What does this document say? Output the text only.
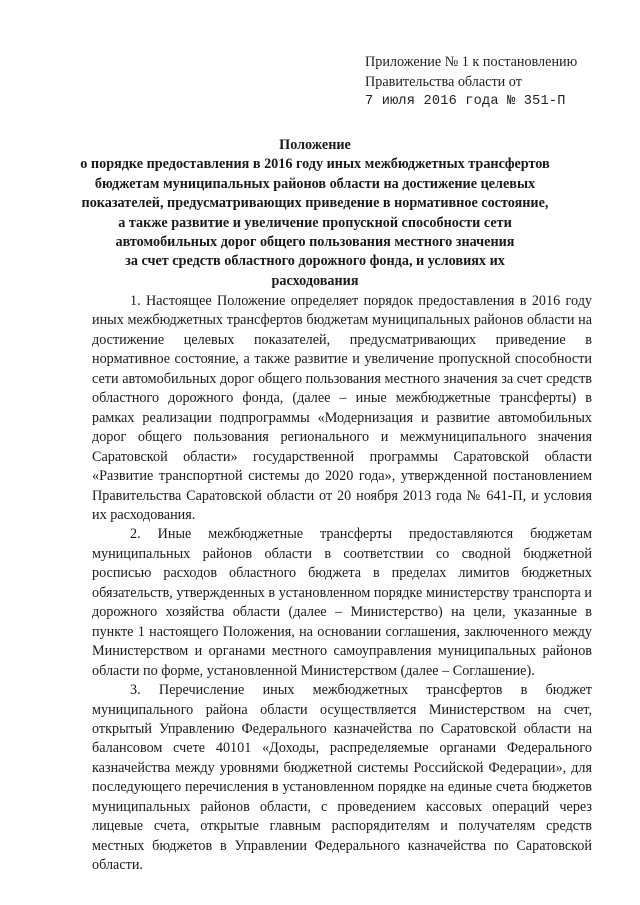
Приложение № 1 к постановлению
Правительства области от
7 июля 2016 года № 351-П
Положение
о порядке предоставления в 2016 году иных межбюджетных трансфертов
бюджетам муниципальных районов области на достижение целевых
показателей, предусматривающих приведение в нормативное состояние,
а также развитие и увеличение пропускной способности сети
автомобильных дорог общего пользования местного значения
за счет средств областного дорожного фонда, и условиях их
расходования

1. Настоящее Положение определяет порядок предоставления в 2016 году иных межбюджетных трансфертов бюджетам муниципальных районов области на достижение целевых показателей, предусматривающих приведение в нормативное состояние, а также развитие и увеличение пропускной способности сети автомобильных дорог общего пользования местного значения за счет средств областного дорожного фонда, (далее – иные межбюджетные трансферты) в рамках реализации подпрограммы «Модернизация и развитие автомобильных дорог общего пользования регионального и межмуниципального значения Саратовской области» государственной программы Саратовской области «Развитие транспортной системы до 2020 года», утвержденной постановлением Правительства Саратовской области от 20 ноября 2013 года № 641-П, и условия их расходования.

2. Иные межбюджетные трансферты предоставляются бюджетам муниципальных районов области в соответствии со сводной бюджетной росписью расходов областного бюджета в пределах лимитов бюджетных обязательств, утвержденных в установленном порядке министерству транспорта и дорожного хозяйства области (далее – Министерство) на цели, указанные в пункте 1 настоящего Положения, на основании соглашения, заключенного между Министерством и органами местного самоуправления муниципальных районов области по форме, установленной Министерством (далее – Соглашение).

3. Перечисление иных межбюджетных трансфертов в бюджет муниципального района области осуществляется Министерством на счет, открытый Управлению Федерального казначейства по Саратовской области на балансовом счете 40101 «Доходы, распределяемые органами Федерального казначейства между уровнями бюджетной системы Российской Федерации», для последующего перечисления в установленном порядке на единые счета бюджетов муниципальных районов области, с проведением кассовых операций через лицевые счета, открытые главным распорядителям и получателям средств местных бюджетов в Управлении Федерального казначейства по Саратовской области.
